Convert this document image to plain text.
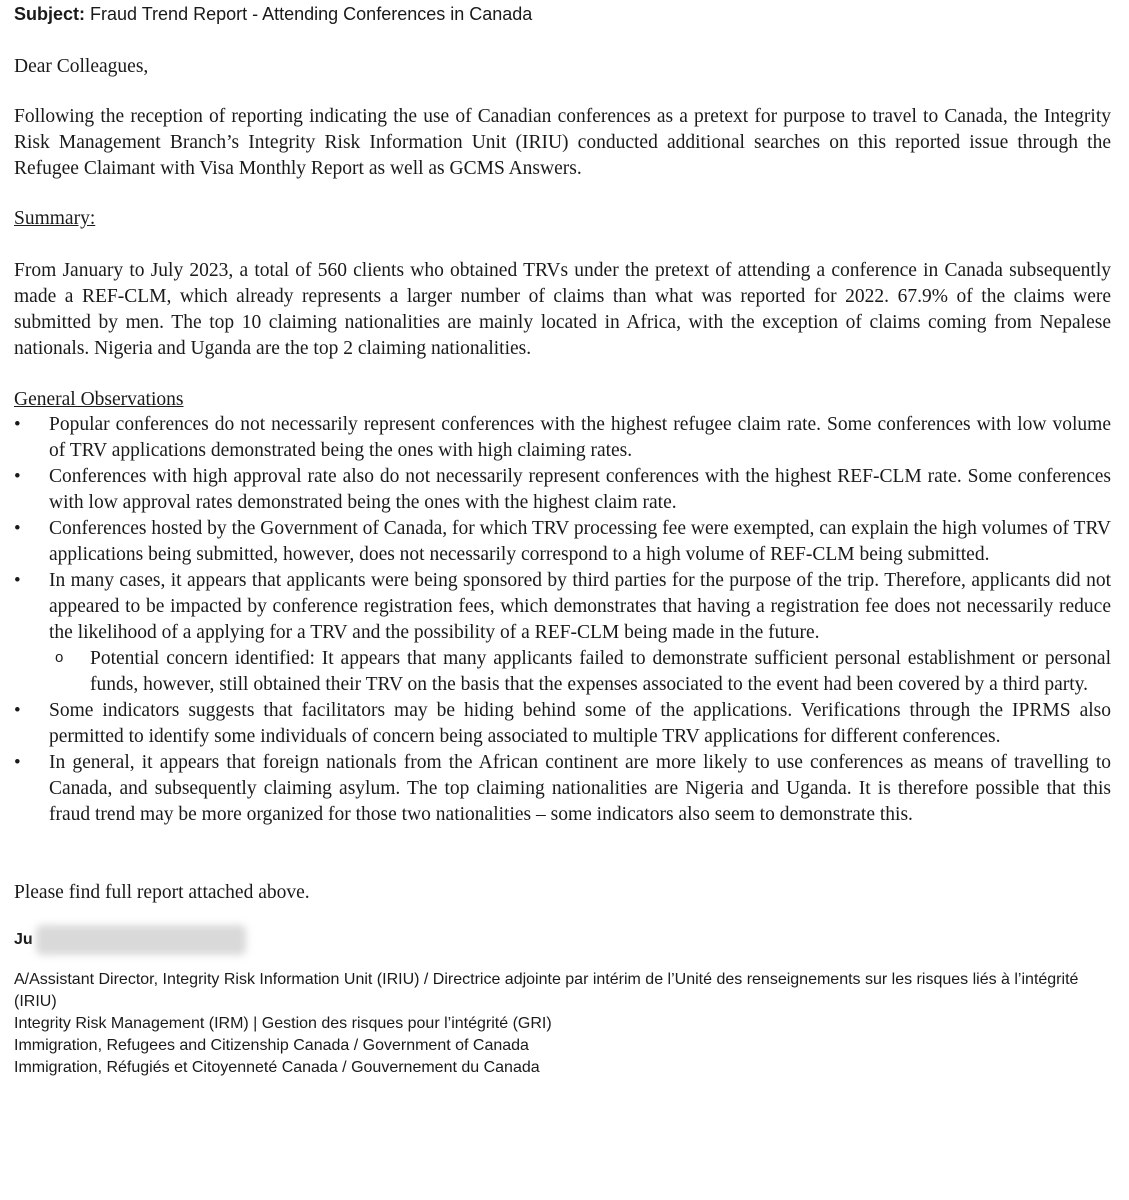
Subject: Fraud Trend Report - Attending Conferences in Canada
Dear Colleagues,
Following the reception of reporting indicating the use of Canadian conferences as a pretext for purpose to travel to Canada, the Integrity Risk Management Branch’s Integrity Risk Information Unit (IRIU) conducted additional searches on this reported issue through the Refugee Claimant with Visa Monthly Report as well as GCMS Answers.
Summary:
From January to July 2023, a total of 560 clients who obtained TRVs under the pretext of attending a conference in Canada subsequently made a REF-CLM, which already represents a larger number of claims than what was reported for 2022. 67.9% of the claims were submitted by men. The top 10 claiming nationalities are mainly located in Africa, with the exception of claims coming from Nepalese nationals. Nigeria and Uganda are the top 2 claiming nationalities.
General Observations
• Popular conferences do not necessarily represent conferences with the highest refugee claim rate. Some conferences with low volume of TRV applications demonstrated being the ones with high claiming rates.
• Conferences with high approval rate also do not necessarily represent conferences with the highest REF-CLM rate. Some conferences with low approval rates demonstrated being the ones with the highest claim rate.
• Conferences hosted by the Government of Canada, for which TRV processing fee were exempted, can explain the high volumes of TRV applications being submitted, however, does not necessarily correspond to a high volume of REF-CLM being submitted.
• In many cases, it appears that applicants were being sponsored by third parties for the purpose of the trip. Therefore, applicants did not appeared to be impacted by conference registration fees, which demonstrates that having a registration fee does not necessarily reduce the likelihood of a applying for a TRV and the possibility of a REF-CLM being made in the future.
o Potential concern identified: It appears that many applicants failed to demonstrate sufficient personal establishment or personal funds, however, still obtained their TRV on the basis that the expenses associated to the event had been covered by a third party.
• Some indicators suggests that facilitators may be hiding behind some of the applications. Verifications through the IPRMS also permitted to identify some individuals of concern being associated to multiple TRV applications for different conferences.
• In general, it appears that foreign nationals from the African continent are more likely to use conferences as means of travelling to Canada, and subsequently claiming asylum. The top claiming nationalities are Nigeria and Uganda. It is therefore possible that this fraud trend may be more organized for those two nationalities – some indicators also seem to demonstrate this.
Please find full report attached above.
Ju
A/Assistant Director, Integrity Risk Information Unit (IRIU) / Directrice adjointe par intérim de l’Unité des renseignements sur les risques liés à l’intégrité (IRIU)
Integrity Risk Management (IRM) | Gestion des risques pour l’intégrité (GRI)
Immigration, Refugees and Citizenship Canada / Government of Canada
Immigration, Réfugiés et Citoyenneté Canada / Gouvernement du Canada
